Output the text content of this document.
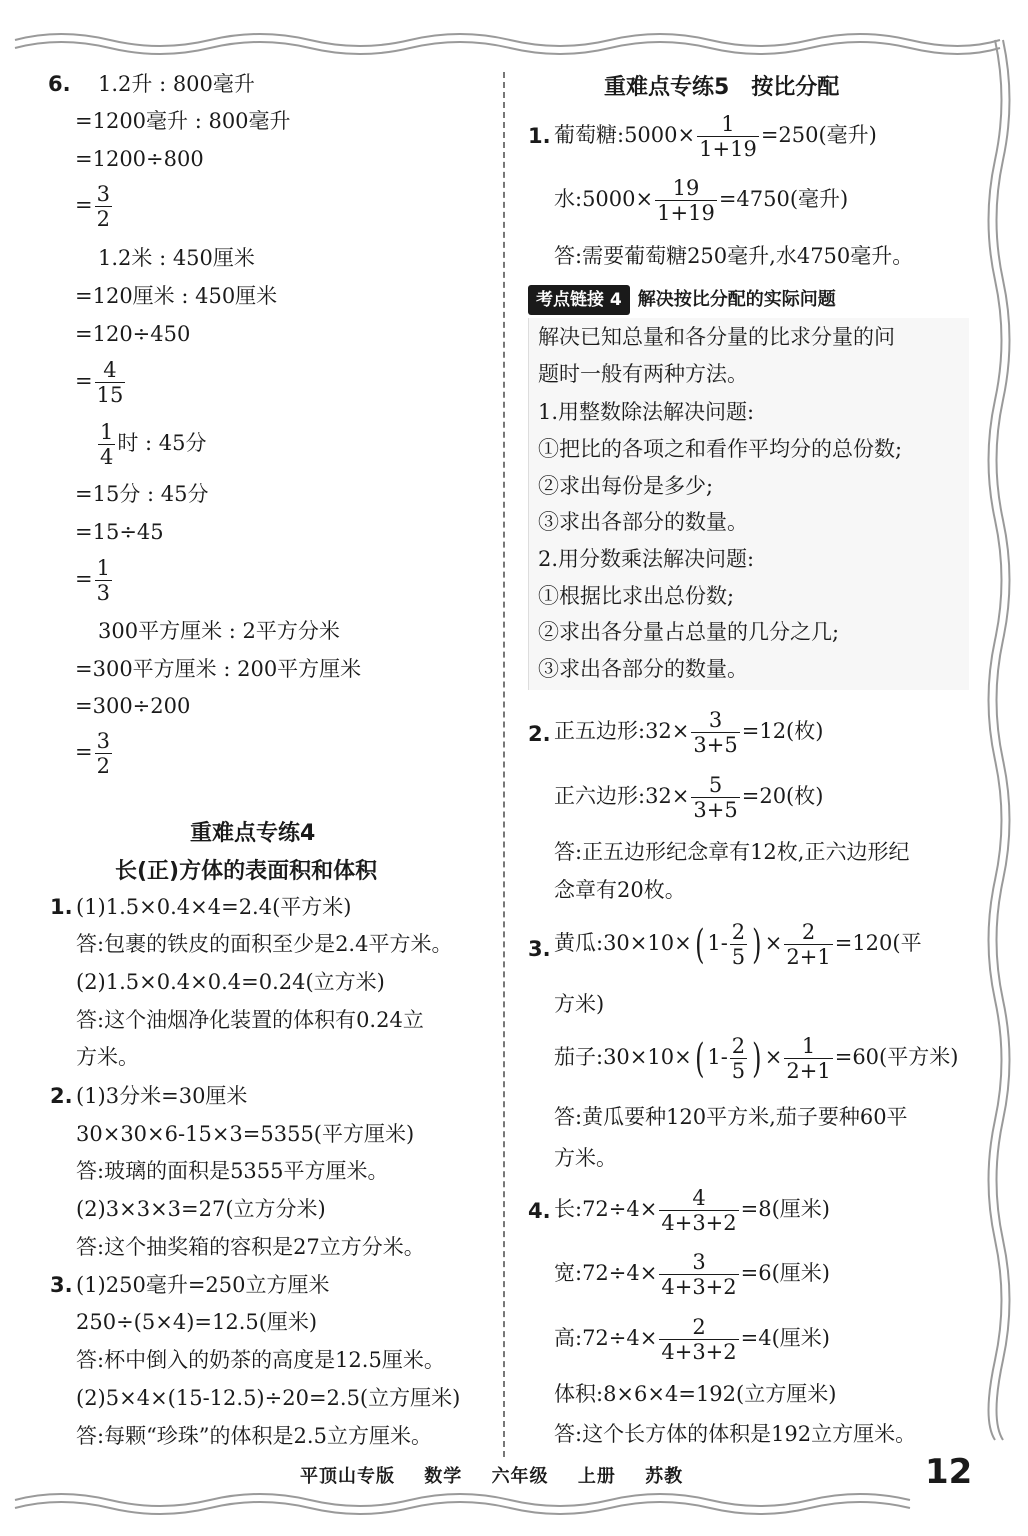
6. 1.2升 : 800毫升
=1200毫升 : 800毫升
=1200÷800
= $\frac{3}{2}$
1.2米 : 450厘米
=120厘米 : 450厘米
=120÷450
= $\frac{4}{15}$
$\frac{1}{4}$ 时 : 45分
=15分 : 45分
=15÷45
= $\frac{1}{3}$
300平方厘米 : 2平方分米
=300平方厘米 : 200平方厘米
=300÷200
= $\frac{3}{2}$
重难点专练4
长(正)方体的表面积和体积
1. (1)1.5×0.4×4=2.4(平方米)
答:包裹的铁皮的面积至少是2.4平方米。
(2)1.5×0.4×0.4=0.24(立方米)
答:这个油烟净化装置的体积有0.24立
方米。
2. (1)3分米=30厘米
30×30×6-15×3=5355(平方厘米)
答:玻璃的面积是5355平方厘米。
(2)3×3×3=27(立方分米)
答:这个抽奖箱的容积是27立方分米。
3. (1)250毫升=250立方厘米
250÷(5×4)=12.5(厘米)
答:杯中倒入的奶茶的高度是12.5厘米。
(2)5×4×(15-12.5)÷20=2.5(立方厘米)
答:每颗“珍珠”的体积是2.5立方厘米。
重难点专练5　按比分配
1. 葡萄糖:5000× $\frac{1}{1+19} =250$(毫升)
水:5000× $\frac{19}{1+19} =4750$(毫升)
答:需要葡萄糖250毫升,水4750毫升。
考点链接 4 解决按比分配的实际问题
解决已知总量和各分量的比求分量的问
题时一般有两种方法。
1.用整数除法解决问题:
①把比的各项之和看作平均分的总份数;
②求出每份是多少;
③求出各部分的数量。
2.用分数乘法解决问题:
①根据比求出总份数;
②求出各分量占总量的几分之几;
③求出各部分的数量。
2. 正五边形:32× $\frac{3}{3+5} =12$(枚)
正六边形:32× $\frac{5}{3+5} =20$(枚)
答:正五边形纪念章有12枚,正六边形纪
念章有20枚。
3. 黄瓜:30×10×( $1- \frac{2}{5}$ ) × $\frac{2}{2+1} =120$(平
方米)
茄子:30×10×( $1- \frac{2}{5}$ ) × $\frac{1}{2+1} =60$(平方米)
答:黄瓜要种120平方米,茄子要种60平
方米。
4. 长:72÷4× $\frac{4}{4+3+2} =8$(厘米)
宽:72÷4× $\frac{3}{4+3+2} =6$(厘米)
高:72÷4× $\frac{2}{4+3+2} =4$(厘米)
体积:8×6×4=192(立方厘米)
答:这个长方体的体积是192立方厘米。
平顶山专版 数学 六年级 上册 苏教	12
